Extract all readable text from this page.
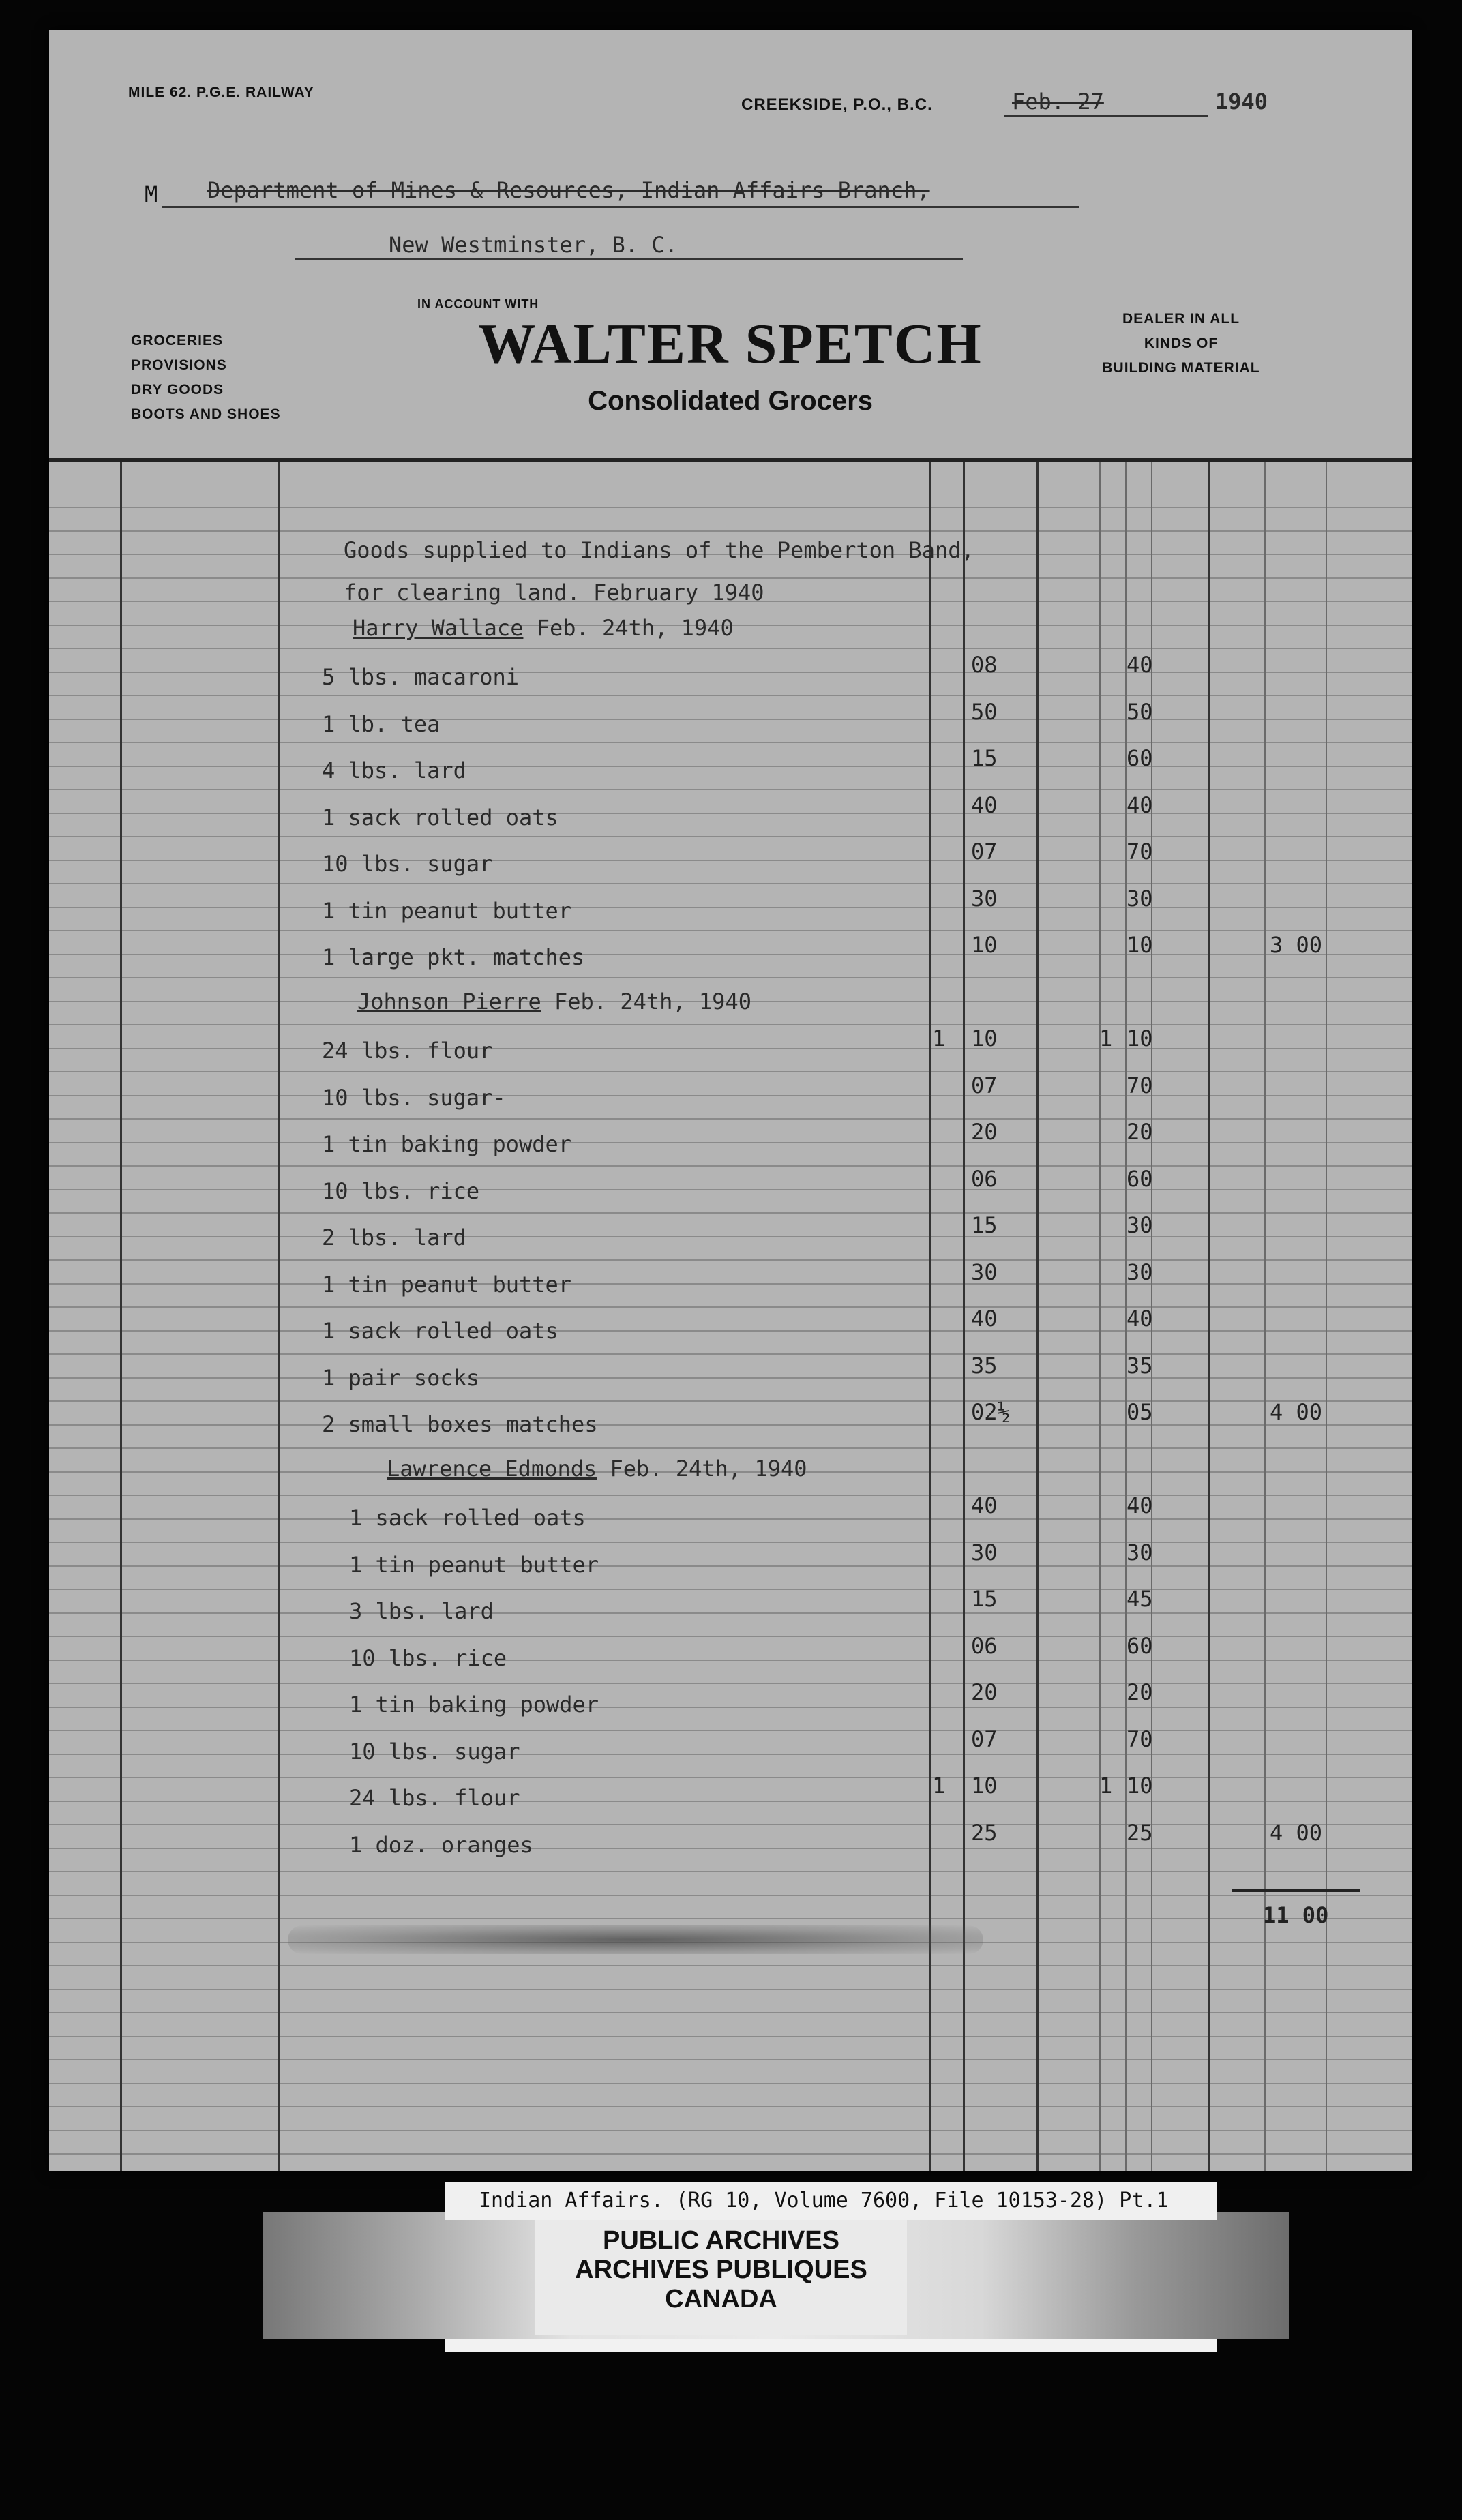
MILE 62. P.G.E. RAILWAY
CREEKSIDE, P.O., B.C.	Feb. 27	1940
M Department of Mines & Resources, Indian Affairs Branch,
New Westminster, B. C.
IN ACCOUNT WITH
GROCERIES
PROVISIONS
DRY GOODS
BOOTS AND SHOES
DEALER IN ALL
KINDS OF
BUILDING MATERIAL
WALTER SPETCH
Consolidated Grocers
Goods supplied to Indians of the Pemberton Band,
for clearing land. February 1940
Harry Wallace Feb. 24th, 1940
5 lbs. macaroni	08	40
1 lb. tea	50	50
4 lbs. lard	15	60
1 sack rolled oats	40	40
10 lbs. sugar	07	70
1 tin peanut butter	30	30
1 large pkt. matches	10	10	3 00
Johnson Pierre Feb. 24th, 1940
24 lbs. flour	1 10	1 10
10 lbs. sugar-	07	70
1 tin baking powder	20	20
10 lbs. rice	06	60
2 lbs. lard	15	30
1 tin peanut butter	30	30
1 sack rolled oats	40	40
1 pair socks	35	35
2 small boxes matches	02½	05	4 00
Lawrence Edmonds Feb. 24th, 1940
1 sack rolled oats	40	40
1 tin peanut butter	30	30
3 lbs. lard	15	45
10 lbs. rice	06	60
1 tin baking powder	20	20
10 lbs. sugar	07	70
24 lbs. flour	1 10	1 10
1 doz. oranges	25	25	4 00
11 00
Indian Affairs. (RG 10, Volume 7600, File 10153-28) Pt.1
PUBLIC ARCHIVES
ARCHIVES PUBLIQUES
CANADA
